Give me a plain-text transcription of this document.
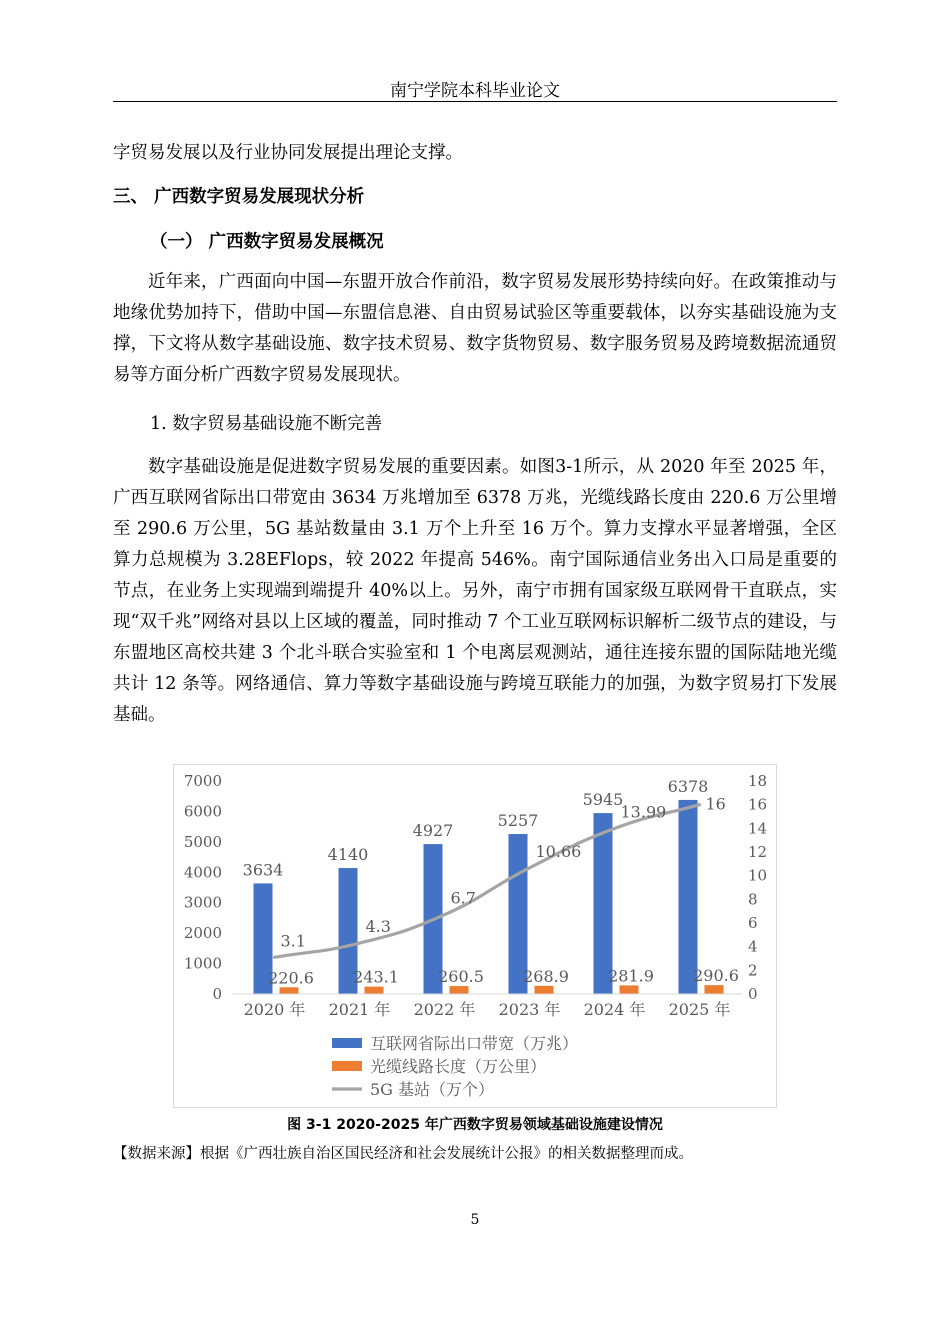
南宁学院本科毕业论文
字贸易发展以及行业协同发展提出理论支撑。
三、 广西数字贸易发展现状分析
（一） 广西数字贸易发展概况

近年来，广西面向中国—东盟开放合作前沿，数字贸易发展形势持续向好。在政策推动与地缘优势加持下，借助中国—东盟信息港、自由贸易试验区等重要载体，以夯实基础设施为支撑，下文将从数字基础设施、数字技术贸易、数字货物贸易、数字服务贸易及跨境数据流通贸易等方面分析广西数字贸易发展现状。

1. 数字贸易基础设施不断完善

数字基础设施是促进数字贸易发展的重要因素。如图3-1所示，从 2020 年至 2025 年，广西互联网省际出口带宽由 3634 万兆增加至 6378 万兆，光缆线路长度由 220.6 万公里增至 290.6 万公里，5G 基站数量由 3.1 万个上升至 16 万个。算力支撑水平显著增强，全区算力总规模为 3.28EFlops，较 2022 年提高 546%。南宁国际通信业务出入口局是重要的节点，在业务上实现端到端提升 40%以上。另外，南宁市拥有国家级互联网骨干直联点，实现“双千兆”网络对县以上区域的覆盖，同时推动 7 个工业互联网标识解析二级节点的建设，与东盟地区高校共建 3 个北斗联合实验室和 1 个电离层观测站，通往连接东盟的国际陆地光缆共计 12 条等。网络通信、算力等数字基础设施与跨境互联能力的加强，为数字贸易打下发展基础。

0
1000
2000
3000
4000
5000
6000
7000
0
2
4
6
8
10
12
14
16
18
3634
220.6
4140
243.1
4927
260.5
5257
268.9
5945
281.9
6378
290.6
3.1
4.3
6.7
10.66
13.99 16
2020 年 2021 年 2022 年 2023 年 2024 年 2025 年
互联网省际出口带宽（万兆）
光缆线路长度（万公里）
5G 基站（万个）
图 3-1 2020-2025 年广西数字贸易领域基础设施建设情况
【数据来源】根据《广西壮族自治区国民经济和社会发展统计公报》的相关数据整理而成。
5
